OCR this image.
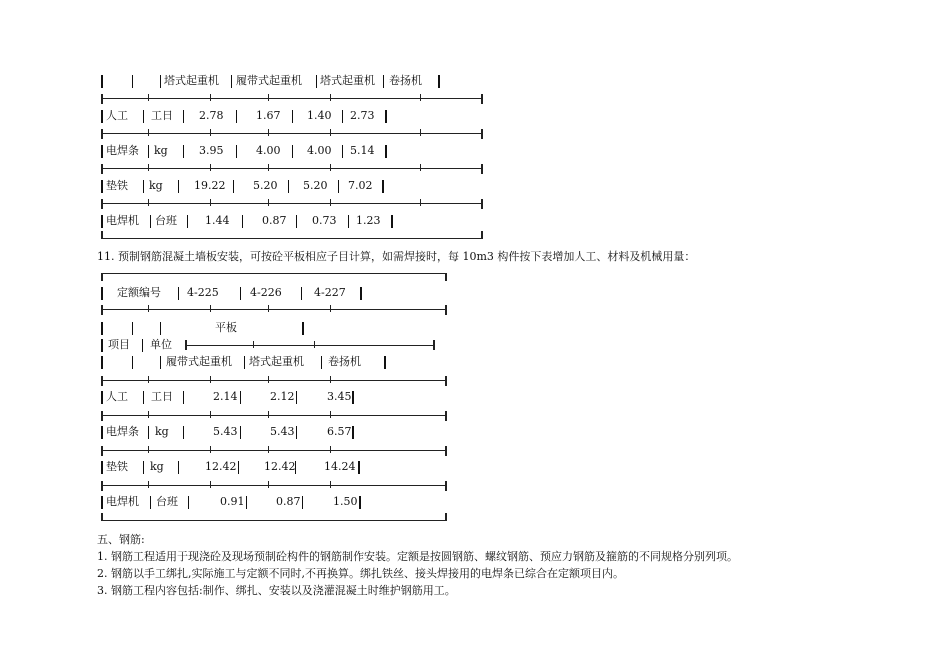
塔式起重机 履带式起重机 塔式起重机 卷扬机
人工 工日 2.78	1.67 1.40 2.73
电焊条 kg	3.95	4.00 4.00 5.14
垫铁 kg	19.22	5.20 5.20 7.02
电焊机 台班	1.44	0.87 0.73 1.23
11. 预制钢筋混凝土墙板安装，可按砼平板相应子目计算，如需焊接时，每 10m3 构件按下表增加人工、材料及机械用量：
定额编号 4-225	4-226	4-227
平板
项目 单位
履带式起重机 塔式起重机 卷扬机
人工 工日	2.14	2.12	3.45
电焊条 kg	5.43	5.43	6.57
垫铁 kg	12.42	12.42	14.24
电焊机 台班	0.91	0.87	1.50
五、钢筋:
1. 钢筋工程适用于现浇砼及现场预制砼构件的钢筋制作安装。定额是按圆钢筋、螺纹钢筋、预应力钢筋及箍筋的不同规格分别列项。
2. 钢筋以手工绑扎,实际施工与定额不同时,不再换算。绑扎铁丝、接头焊接用的电焊条已综合在定额项目内。
3. 钢筋工程内容包括:制作、绑扎、安装以及浇灌混凝土时维护钢筋用工。
